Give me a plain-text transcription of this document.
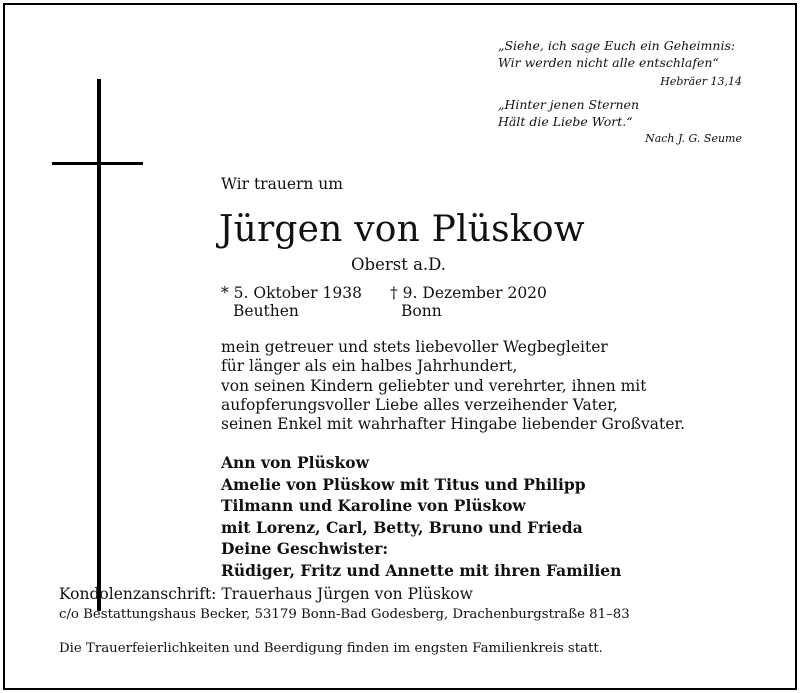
„Siehe, ich sage Euch ein Geheimnis:
Wir werden nicht alle entschlafen“
Hebräer 13,14
„Hinter jenen Sternen
Hält die Liebe Wort.“
Nach J. G. Seume
Wir trauern um
Jürgen von Plüskow
Oberst a.D.
* 5. Oktober 1938
Beuthen
† 9. Dezember 2020
Bonn
mein getreuer und stets liebevoller Wegbegleiter
für länger als ein halbes Jahrhundert,
von seinen Kindern geliebter und verehrter, ihnen mit
aufopferungsvoller Liebe alles verzeihender Vater,
seinen Enkel mit wahrhafter Hingabe liebender Großvater.
Ann von Plüskow
Amelie von Plüskow mit Titus und Philipp
Tilmann und Karoline von Plüskow
mit Lorenz, Carl, Betty, Bruno und Frieda
Deine Geschwister:
Rüdiger, Fritz und Annette mit ihren Familien
Kondolenzanschrift: Trauerhaus Jürgen von Plüskow
c/o Bestattungshaus Becker, 53179 Bonn-Bad Godesberg, Drachenburgstraße 81–83
Die Trauerfeierlichkeiten und Beerdigung finden im engsten Familienkreis statt.
